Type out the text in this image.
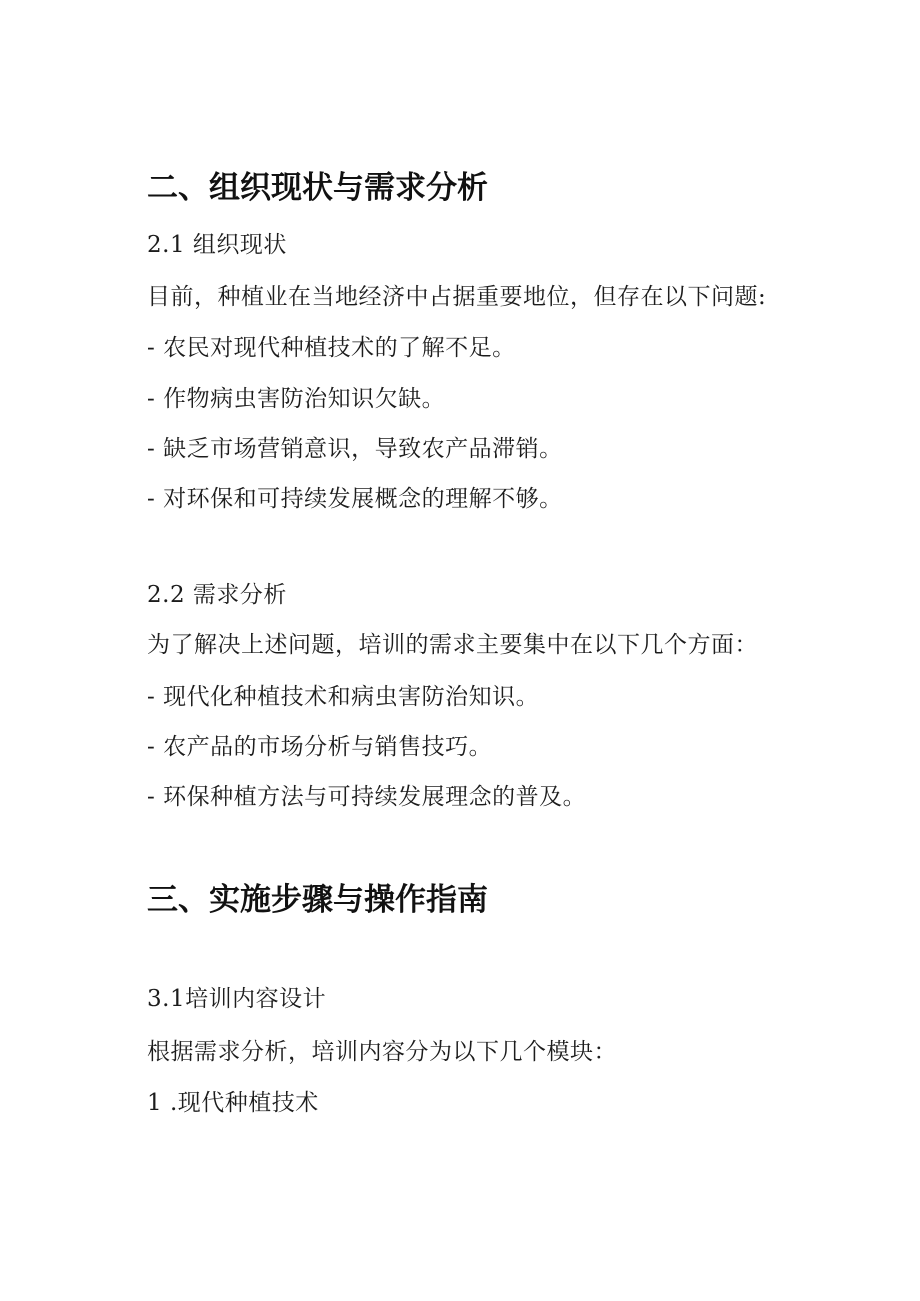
二、组织现状与需求分析
2.1 组织现状
目前，种植业在当地经济中占据重要地位，但存在以下问题:
- 农民对现代种植技术的了解不足。
- 作物病虫害防治知识欠缺。
- 缺乏市场营销意识，导致农产品滞销。
- 对环保和可持续发展概念的理解不够。
2.2 需求分析
为了解决上述问题，培训的需求主要集中在以下几个方面：
- 现代化种植技术和病虫害防治知识。
- 农产品的市场分析与销售技巧。
- 环保种植方法与可持续发展理念的普及。
三、实施步骤与操作指南
3.1培训内容设计
根据需求分析，培训内容分为以下几个模块：
1 .现代种植技术
